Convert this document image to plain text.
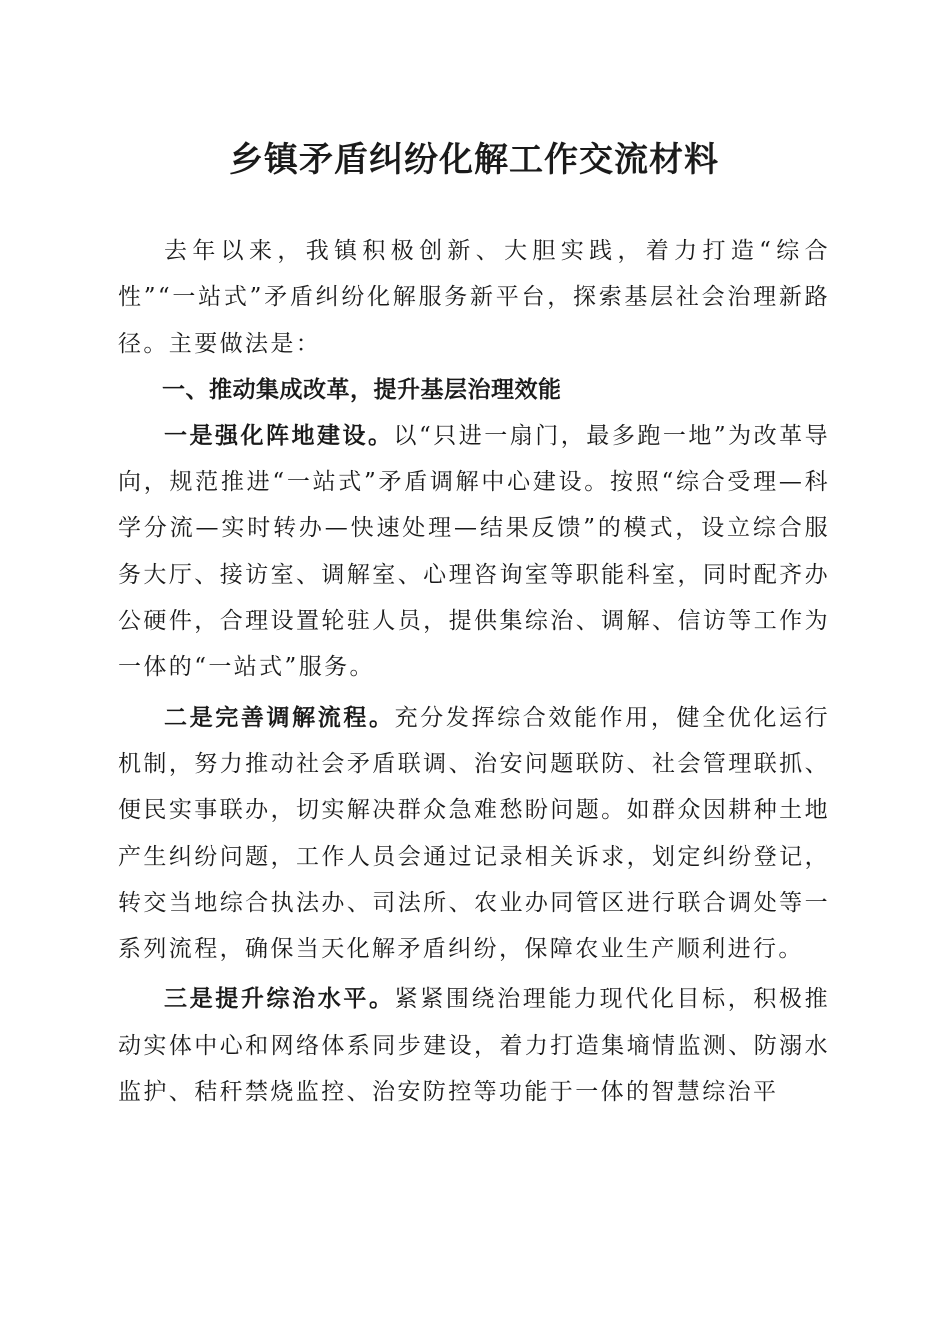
乡镇矛盾纠纷化解工作交流材料

去年以来，我镇积极创新、大胆实践，着力打造“综合性”“一站式”矛盾纠纷化解服务新平台，探索基层社会治理新路径。主要做法是：

一、推动集成改革，提升基层治理效能

一是强化阵地建设。以“只进一扇门，最多跑一地”为改革导向，规范推进“一站式”矛盾调解中心建设。按照“综合受理—科学分流—实时转办—快速处理—结果反馈”的模式，设立综合服务大厅、接访室、调解室、心理咨询室等职能科室，同时配齐办公硬件，合理设置轮驻人员，提供集综治、调解、信访等工作为一体的“一站式”服务。

二是完善调解流程。充分发挥综合效能作用，健全优化运行机制，努力推动社会矛盾联调、治安问题联防、社会管理联抓、便民实事联办，切实解决群众急难愁盼问题。如群众因耕种土地产生纠纷问题，工作人员会通过记录相关诉求，划定纠纷登记，转交当地综合执法办、司法所、农业办同管区进行联合调处等一系列流程，确保当天化解矛盾纠纷，保障农业生产顺利进行。

三是提升综治水平。紧紧围绕治理能力现代化目标，积极推动实体中心和网络体系同步建设，着力打造集墒情监测、防溺水监护、秸秆禁烧监控、治安防控等功能于一体的智慧综治平
